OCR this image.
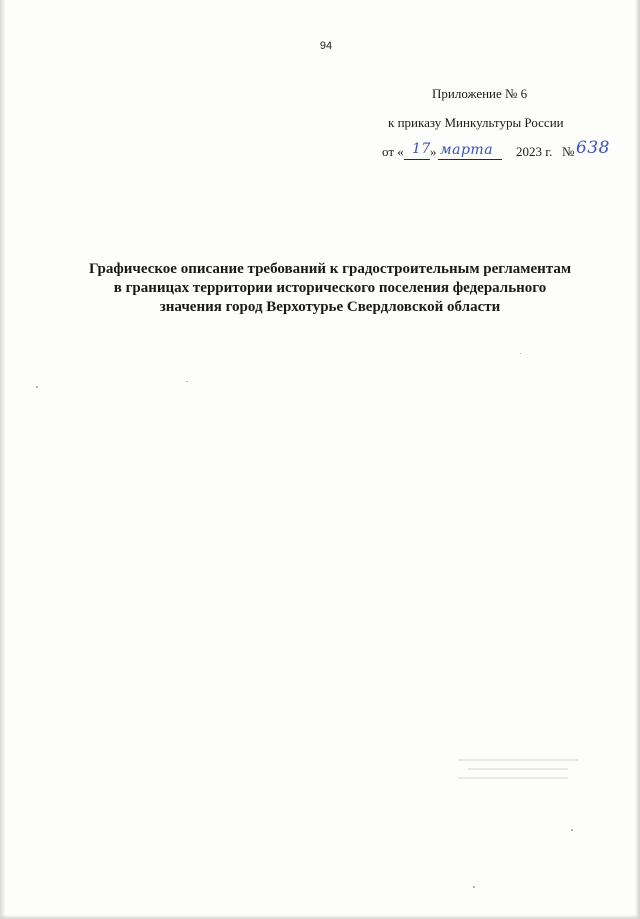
94
Приложение № 6
к приказу Минкультуры России
от « 17 » марта 2023 г. № 638
Графическое описание требований к градостроительным регламентам
в границах территории исторического поселения федерального
значения город Верхотурье Свердловской области
